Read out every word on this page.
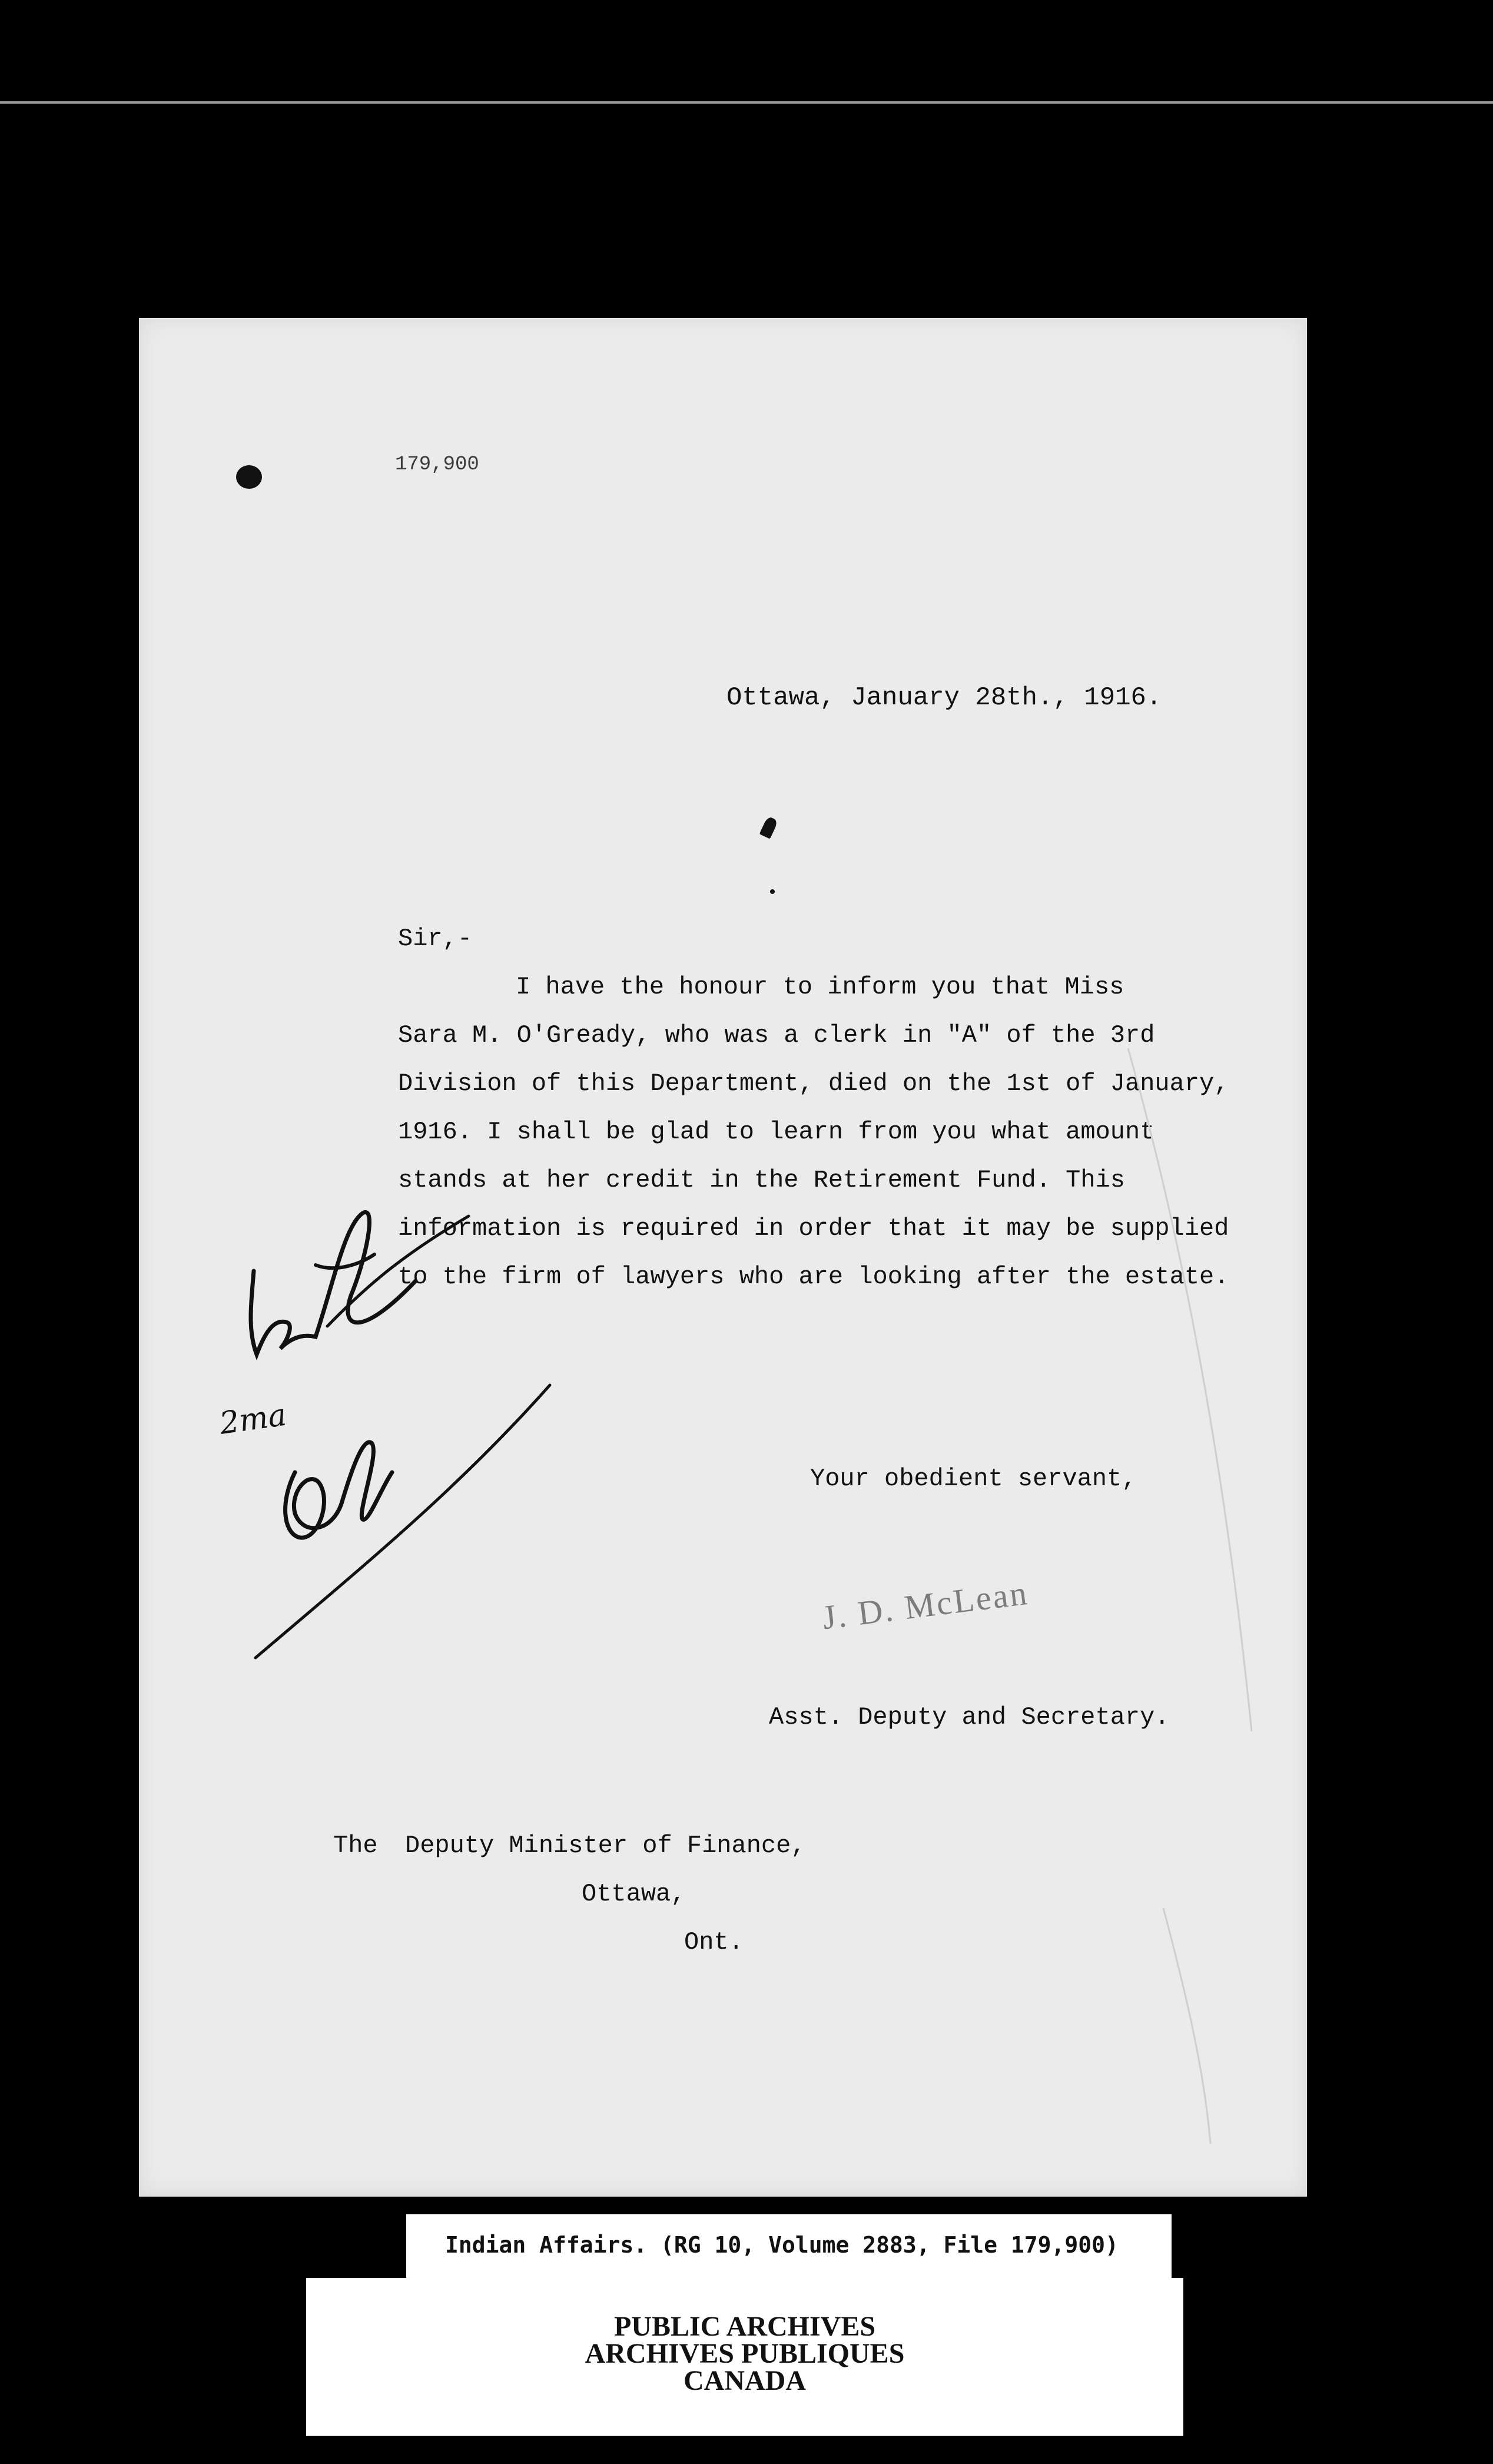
179,900
Ottawa, January 28th., 1916.
Sir,-
I have the honour to inform you that Miss
Sara M. O'Gready, who was a clerk in "A" of the 3rd
Division of this Department, died on the 1st of January,
1916. I shall be glad to learn from you what amount
stands at her credit in the Retirement Fund. This
information is required in order that it may be supplied
to the firm of lawyers who are looking after the estate.
Your obedient servant,
J. D. McLean
Asst. Deputy and Secretary.
The Deputy Minister of Finance,
Ottawa,
Ont.
2ma
Indian Affairs. (RG 10, Volume 2883, File 179,900)
PUBLIC ARCHIVES
ARCHIVES PUBLIQUES
CANADA
